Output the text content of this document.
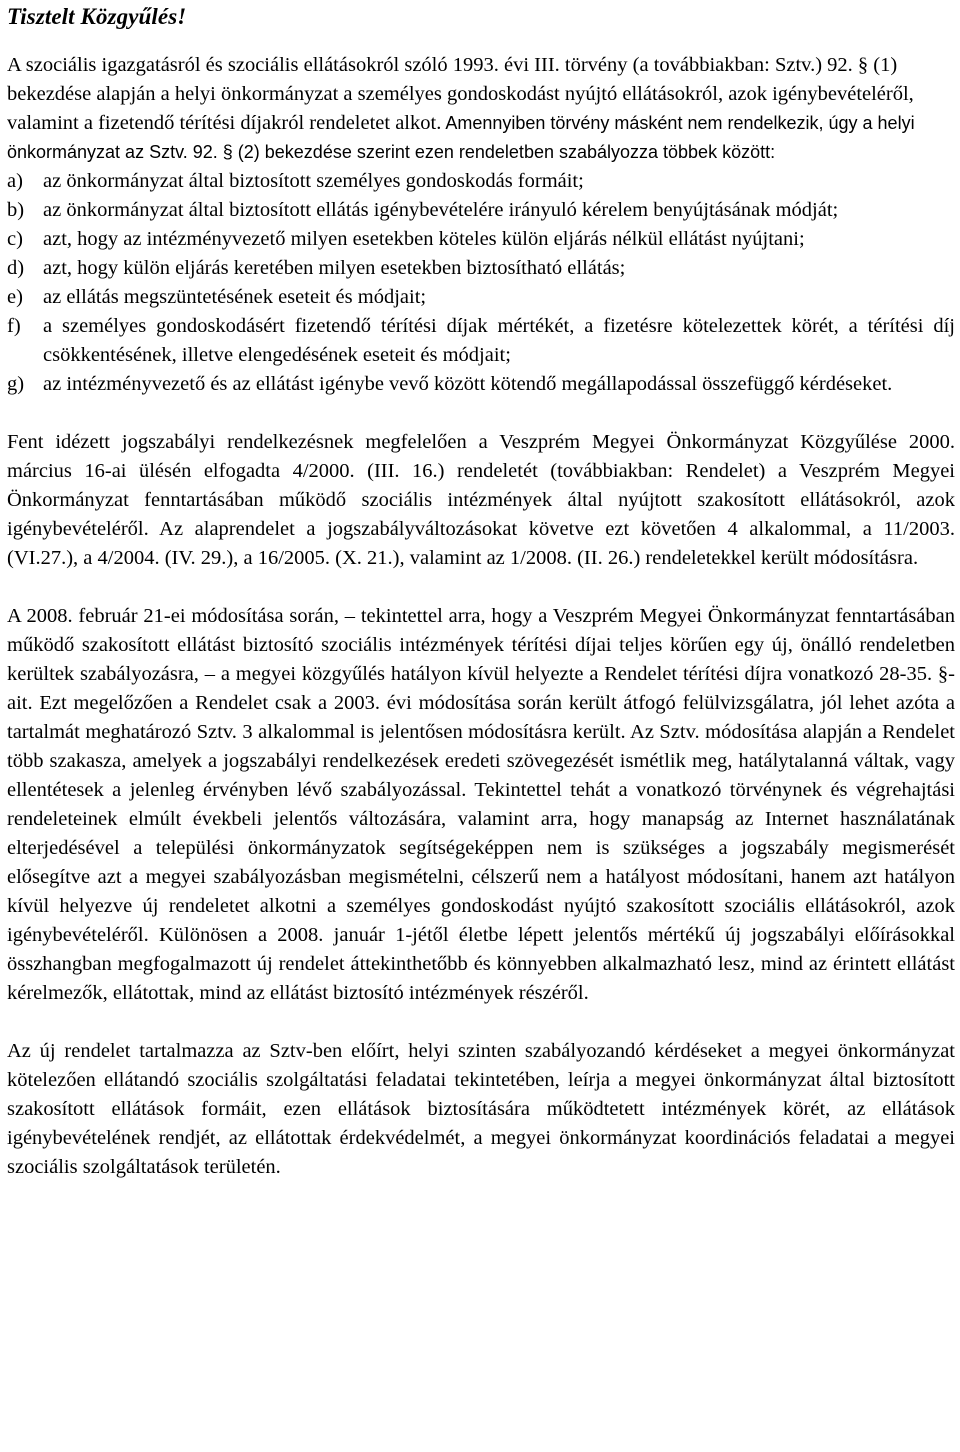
Tisztelt Közgyűlés!

A szociális igazgatásról és szociális ellátásokról szóló 1993. évi III. törvény (a továbbiakban: Sztv.) 92. § (1) bekezdése alapján a helyi önkormányzat a személyes gondoskodást nyújtó ellátásokról, azok igénybevételéről, valamint a fizetendő térítési díjakról rendeletet alkot. Amennyiben törvény másként nem rendelkezik, úgy a helyi önkormányzat az Sztv. 92. § (2) bekezdése szerint ezen rendeletben szabályozza többek között:

a) az önkormányzat által biztosított személyes gondoskodás formáit;
b) az önkormányzat által biztosított ellátás igénybevételére irányuló kérelem benyújtásának módját;
c) azt, hogy az intézményvezető milyen esetekben köteles külön eljárás nélkül ellátást nyújtani;
d) azt, hogy külön eljárás keretében milyen esetekben biztosítható ellátás;
e) az ellátás megszüntetésének eseteit és módjait;
f) a személyes gondoskodásért fizetendő térítési díjak mértékét, a fizetésre kötelezettek körét, a térítési díj csökkentésének, illetve elengedésének eseteit és módjait;
g) az intézményvezető és az ellátást igénybe vevő között kötendő megállapodással összefüggő kérdéseket.

Fent idézett jogszabályi rendelkezésnek megfelelően a Veszprém Megyei Önkormányzat Közgyűlése 2000. március 16-ai ülésén elfogadta 4/2000. (III. 16.) rendeletét (továbbiakban: Rendelet) a Veszprém Megyei Önkormányzat fenntartásában működő szociális intézmények által nyújtott szakosított ellátásokról, azok igénybevételéről. Az alaprendelet a jogszabályváltozásokat követve ezt követően 4 alkalommal, a 11/2003. (VI.27.), a 4/2004. (IV. 29.), a 16/2005. (X. 21.), valamint az 1/2008. (II. 26.) rendeletekkel került módosításra.

A 2008. február 21-ei módosítása során, – tekintettel arra, hogy a Veszprém Megyei Önkormányzat fenntartásában működő szakosított ellátást biztosító szociális intézmények térítési díjai teljes körűen egy új, önálló rendeletben kerültek szabályozásra, – a megyei közgyűlés hatályon kívül helyezte a Rendelet térítési díjra vonatkozó 28-35. §-ait. Ezt megelőzően a Rendelet csak a 2003. évi módosítása során került átfogó felülvizsgálatra, jól lehet azóta a tartalmát meghatározó Sztv. 3 alkalommal is jelentősen módosításra került. Az Sztv. módosítása alapján a Rendelet több szakasza, amelyek a jogszabályi rendelkezések eredeti szövegezését ismétlik meg, hatálytalanná váltak, vagy ellentétesek a jelenleg érvényben lévő szabályozással. Tekintettel tehát a vonatkozó törvénynek és végrehajtási rendeleteinek elmúlt évekbeli jelentős változására, valamint arra, hogy manapság az Internet használatának elterjedésével a települési önkormányzatok segítségeképpen nem is szükséges a jogszabály megismerését elősegítve azt a megyei szabályozásban megismételni, célszerű nem a hatályost módosítani, hanem azt hatályon kívül helyezve új rendeletet alkotni a személyes gondoskodást nyújtó szakosított szociális ellátásokról, azok igénybevételéről. Különösen a 2008. január 1-jétől életbe lépett jelentős mértékű új jogszabályi előírásokkal összhangban megfogalmazott új rendelet áttekinthetőbb és könnyebben alkalmazható lesz, mind az érintett ellátást kérelmezők, ellátottak, mind az ellátást biztosító intézmények részéről.

Az új rendelet tartalmazza az Sztv-ben előírt, helyi szinten szabályozandó kérdéseket a megyei önkormányzat kötelezően ellátandó szociális szolgáltatási feladatai tekintetében, leírja a megyei önkormányzat által biztosított szakosított ellátások formáit, ezen ellátások biztosítására működtetett intézmények körét, az ellátások igénybevételének rendjét, az ellátottak érdekvédelmét, a megyei önkormányzat koordinációs feladatai a megyei szociális szolgáltatások területén.
